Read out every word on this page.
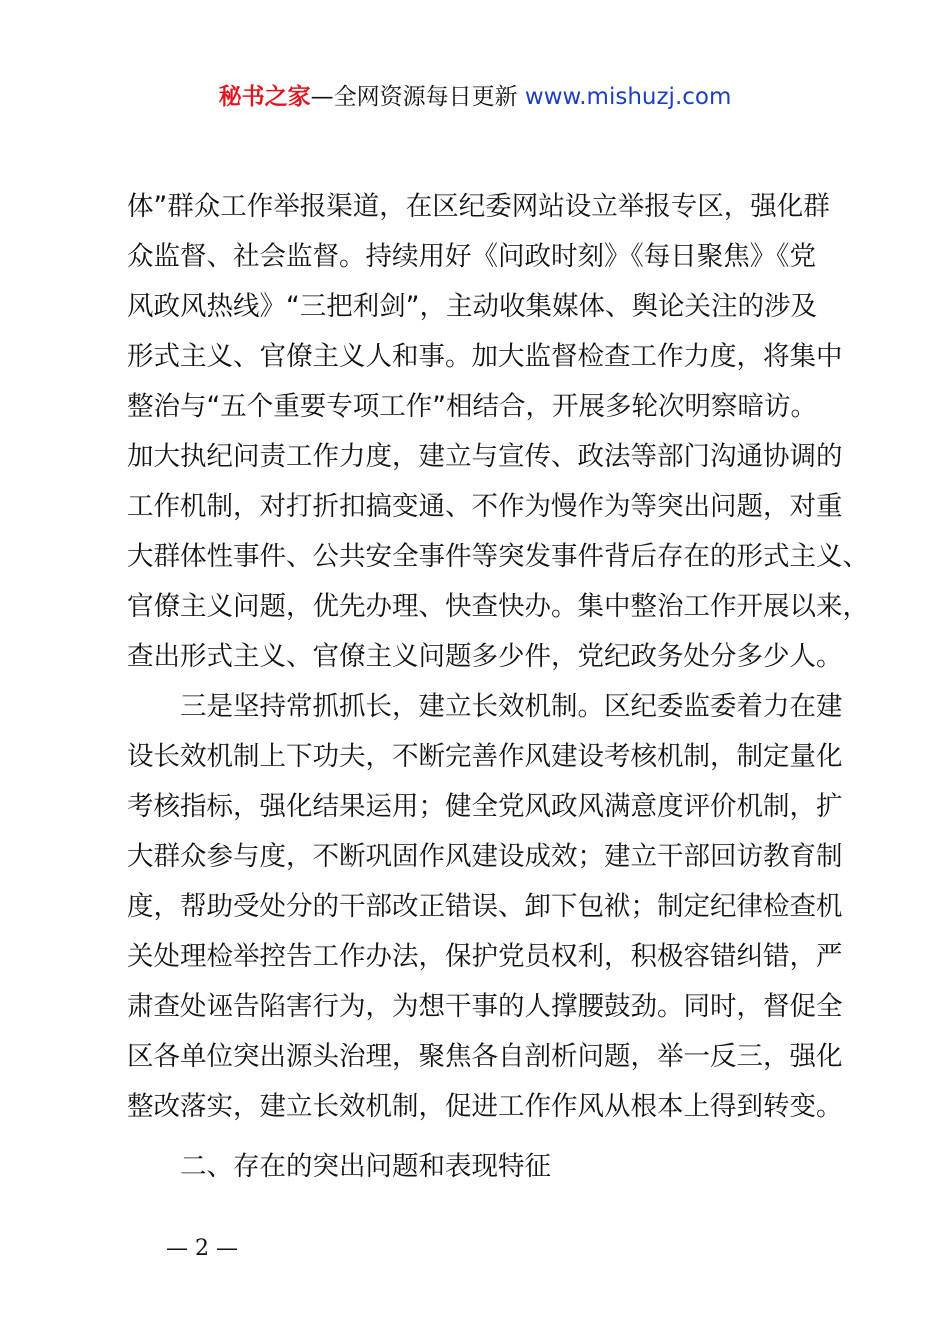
秘书之家—全网资源每日更新 www.mishuzj.com
体”群众工作举报渠道，在区纪委网站设立举报专区，强化群
众监督、社会监督。持续用好《问政时刻》《每日聚焦》《党
风政风热线》“三把利剑”，主动收集媒体、舆论关注的涉及
形式主义、官僚主义人和事。加大监督检查工作力度，将集中
整治与“五个重要专项工作”相结合，开展多轮次明察暗访。
加大执纪问责工作力度，建立与宣传、政法等部门沟通协调的
工作机制，对打折扣搞变通、不作为慢作为等突出问题，对重
大群体性事件、公共安全事件等突发事件背后存在的形式主义、
官僚主义问题，优先办理、快查快办。集中整治工作开展以来，
查出形式主义、官僚主义问题多少件，党纪政务处分多少人。
三是坚持常抓抓长，建立长效机制。区纪委监委着力在建
设长效机制上下功夫，不断完善作风建设考核机制，制定量化
考核指标，强化结果运用；健全党风政风满意度评价机制，扩
大群众参与度，不断巩固作风建设成效；建立干部回访教育制
度，帮助受处分的干部改正错误、卸下包袱；制定纪律检查机
关处理检举控告工作办法，保护党员权利，积极容错纠错，严
肃查处诬告陷害行为，为想干事的人撑腰鼓劲。同时，督促全
区各单位突出源头治理，聚焦各自剖析问题，举一反三，强化
整改落实，建立长效机制，促进工作作风从根本上得到转变。
二、存在的突出问题和表现特征
— 2 —
